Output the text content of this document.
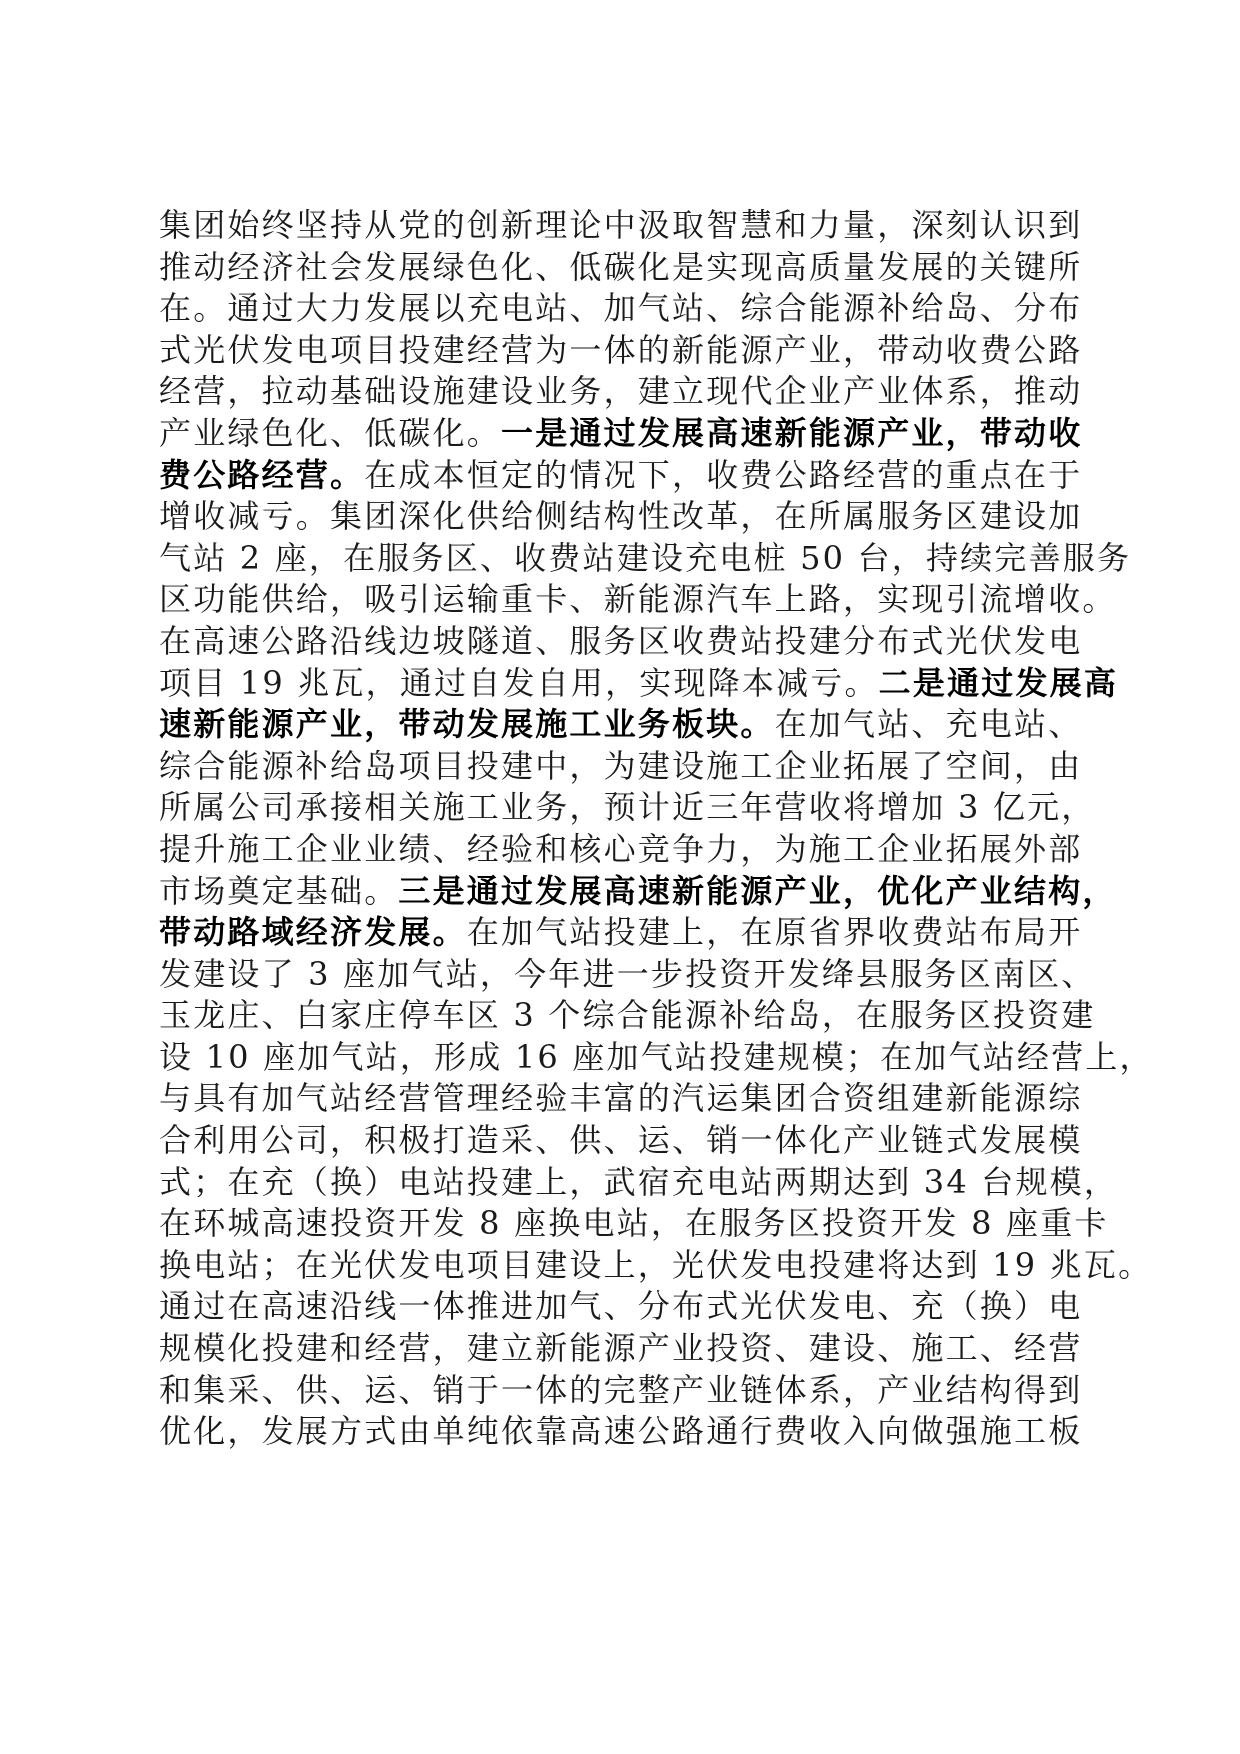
集团始终坚持从党的创新理论中汲取智慧和力量，深刻认识到
推动经济社会发展绿色化、低碳化是实现高质量发展的关键所
在。通过大力发展以充电站、加气站、综合能源补给岛、分布
式光伏发电项目投建经营为一体的新能源产业，带动收费公路
经营，拉动基础设施建设业务，建立现代企业产业体系，推动
产业绿色化、低碳化。一是通过发展高速新能源产业，带动收
费公路经营。在成本恒定的情况下，收费公路经营的重点在于
增收减亏。集团深化供给侧结构性改革，在所属服务区建设加
气站 2 座，在服务区、收费站建设充电桩 50 台，持续完善服务
区功能供给，吸引运输重卡、新能源汽车上路，实现引流增收。
在高速公路沿线边坡隧道、服务区收费站投建分布式光伏发电
项目 19 兆瓦，通过自发自用，实现降本减亏。二是通过发展高
速新能源产业，带动发展施工业务板块。在加气站、充电站、
综合能源补给岛项目投建中，为建设施工企业拓展了空间，由
所属公司承接相关施工业务，预计近三年营收将增加 3 亿元，
提升施工企业业绩、经验和核心竞争力，为施工企业拓展外部
市场奠定基础。三是通过发展高速新能源产业，优化产业结构，
带动路域经济发展。在加气站投建上，在原省界收费站布局开
发建设了 3 座加气站，今年进一步投资开发绛县服务区南区、
玉龙庄、白家庄停车区 3 个综合能源补给岛，在服务区投资建
设 10 座加气站，形成 16 座加气站投建规模；在加气站经营上，
与具有加气站经营管理经验丰富的汽运集团合资组建新能源综
合利用公司，积极打造采、供、运、销一体化产业链式发展模
式；在充（换）电站投建上，武宿充电站两期达到 34 台规模，
在环城高速投资开发 8 座换电站，在服务区投资开发 8 座重卡
换电站；在光伏发电项目建设上，光伏发电投建将达到 19 兆瓦。
通过在高速沿线一体推进加气、分布式光伏发电、充（换）电
规模化投建和经营，建立新能源产业投资、建设、施工、经营
和集采、供、运、销于一体的完整产业链体系，产业结构得到
优化，发展方式由单纯依靠高速公路通行费收入向做强施工板
